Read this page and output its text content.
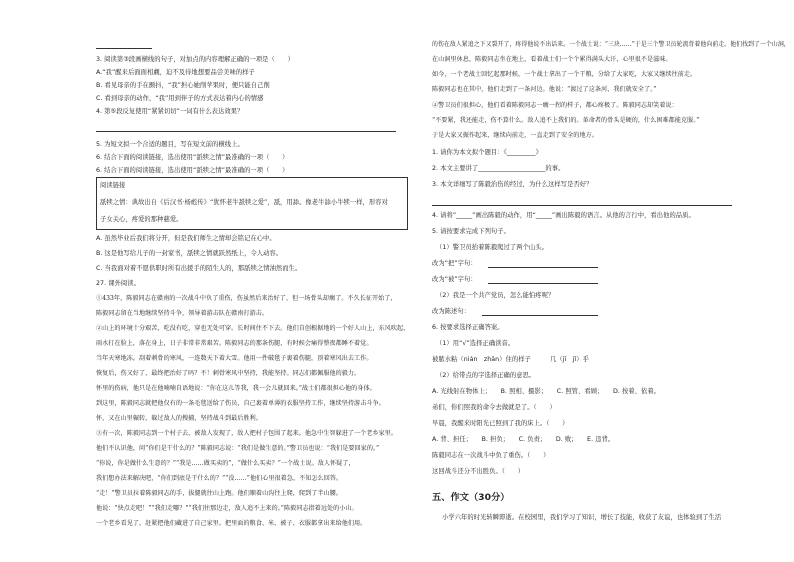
3. 阅读第③段画横线的句子，对加点的内容理解正确的一项是（　　）
A.“我”醒来后面面相觑，迫不及待地想要品尝美味的样子
B. 看见母亲的手在颤抖，“我”担心她削苹果时，便只能自己削
C. 看到母亲的动作，“我”用到伴子的方式表达着内心的情感
4. 第⑤段反复使用“紧紧切切”一词有什么表达效果？
5. 为短文拟一个合适的题目，写在短文前的横线上。
6. 结合下面的阅读链接，选出使用“舐犊之情”最准确的一项（　　）
6. 结合下面的阅读链接，选出使用“舐犊之情”最准确的一项（　　）
阅读链接
舐犊之情：典故出自《后汉书·杨彪传》“犹怀老牛舐犊之爱”，舐，用舔。像老牛舔小牛犊一样，形容对
子女关心，疼爱的那种慈爱。
A. 虽然毕业后我们将分开，但是我们师生之情却会铭记在心中。
B. 这是他写给儿子的一封家书，舐犊之情就跃然纸上，令人动容。
C. 当我面对着不愿供职时所有出援手的陌生人的，那舐犊之情油然而生。
27. 课外阅读。
①433年，陈毅同志在赣南的一次战斗中负了重伤，伤虽然后来治好了，但一场骨头却瘸了。不久长征开始了，
陈毅同志留在当地继续坚持斗争，领导着游击队在赣南打游击。
②山上的环境十分艰苦，吃没有吃，穿也无处可穿。长时间住不下去。他们自创根据地的一个好人山上，东风吹起，
雨水打在脸上，落在身上，日子非常非常艰苦。陈毅同志的那条伤腿，有时候会痛得整夜都睡不着觉。
当年天寒地冻，刮着刺骨的寒风，一连数天下着大雪。他用一件破毯子裹着伤腿，顶着寒风出去工作。
恢复后，伤又好了，最终把治好了吗？不！刺骨寒风中坚持，我能坚持。同志们都佩服他的毅力。
怀里的伤病，他只是在他喃喃自语地说：“你在这儿等我，我一会儿就回来。”战士们都很担心他的身体。
到这里，陈毅同志就把他仅有的一条毛毯送给了伤员，自己裹着单薄的衣服坚持工作，继续坚持游击斗争。
怀，又在山里辗转，躲过敌人的搜捕，坚持战斗到最后胜利。
③有一次，陈毅同志到一个村子去，被敌人发现了，敌人把村子包围了起来。他急中生智躲进了一个老乡家里。
他们不认识他，问“你们是干什么的？”陈毅同志说：“我们是做生意的。”警卫员也说：“我们是要回家的。”
“你说，你是做什么生意的？”“我是……做买卖的”，“做什么买卖？”一个战士说。敌人怀疑了，
我们想办法来解决吧，“你们到底是干什么的？”“没……”他们心里很着急，不知怎么回答。
“走！”警卫员拉着陈毅同志的手，拔腿就往山上跑。他们顺着山沟往上爬，爬到了半山腰。
他说：“快点走吧！”“我们走哪？”“我们往那边走，敌人追不上来的。”陈毅同志指着远处的小山。
一个老乡看见了，赶紧把他们藏进了自己家里。把里面的粮食、米、被子、衣服都拿出来给他们用。
的伤在敌人紧追之下又裂开了，疼得他说不出话来。一个战士说：“三块……”于是三个警卫员轮流背着他向前走。他们找到了一个山洞，
在山洞里休息，陈毅同志坐在地上，看着战士们一个个累得满头大汗，心里很不是滋味。
如今，一个老战士回忆起那时候，一个战士拿出了一个干粮，分给了大家吃，大家又继续往前走。
陈毅同志也在其中，他们走到了一条河边。他说：“渡过了这条河，我们就安全了。”
④警卫员们很担心，他们看着陈毅同志一瘸一拐的样子，都心疼极了。陈毅同志却笑着说：
“不要紧，我还能走，伤不算什么。敌人追不上我们的。革命者的骨头是硬的，什么困难都能克服。”
于是大家又振作起来，继续向前走，一直走到了安全的地方。
1. 请你为本文拟个题目：《_________》
2. 本文主要讲了_____________________的事。
3. 本文详细写了陈毅治伤的经过，为什么这样写是否好？
4. 请将“_____”画出陈毅的动作，用“_____”画出陈毅的语言。从他的言行中，看出他的品质。
5. 请按要求完成下列句子。
（1）警卫员抬着陈毅爬过了两个山头。
改为“把”字句：
改为“被”字句：
（2）我是一个共产党员，怎么能怕疼呢？
改为陈述句：
6. 按要求选择正确答案。
（1）用“√”选择正确读音。
被脓水粘（nián　zhān）住的样子　　　几（jī　jǐ）乎
（2）给带点的字选择正确的意思。
A. 光线射在物体上；　　B. 照相、摄影；　　C. 照管、看顾；　　D. 按着、依着。
弟们，你们照我的命令去做就是了。（　　）
早晨，我醒来时阳光已照到了我的床上。（　　）
A. 背、担任；　　B. 担负；　　C. 负责；　　D. 败；　　E. 违背。
陈毅同志在一次战斗中负了重伤。（　　）
这回战斗还分不出胜负。（　　）
五、作文（30分）
小学六年的时光转瞬即逝。在校园里，我们学习了知识，增长了技能，收获了友谊，也体验到了生活
